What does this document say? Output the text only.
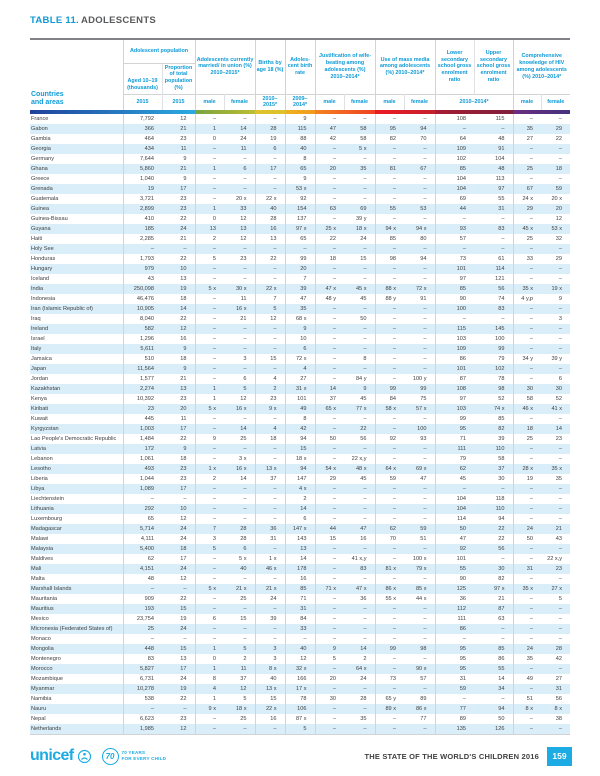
TABLE 11. ADOLESCENTS
Countries and areas	Adolescent population		Adolescents currently married/ in union (%) 2010–2015*		Births by age 18 (%)	Adoles-cent birth rate	Justification of wife-beating among adolescents (%) 2010–2014*		Use of mass media among adolescents (%) 2010–2014*		Lower secondary school gross enrolment ratio	Upper secondary school gross enrolment ratio	Comprehensive knowledge of HIV among adolescents (%) 2010–2014*	
	Aged 10–19 (thousands)	Proportion of total population (%)												
	2015	2015	male	female	2010– 2015*	2009– 2014*	male	female	male	female	2010–2014*		male	female

France	7,792	12	–	–	–	9	–	–	–	–	108	115	–	–
Gabon	366	21	1	14	28	115	47	58	95	94	–	–	35	29
Gambia	464	23	0	24	19	88	42	58	82	70	64	48	27	22
Georgia	434	11	–	11	6	40	–	5 x	–	–	109	91	–	–
Germany	7,644	9	–	–	–	8	–	–	–	–	102	104	–	–
Ghana	5,860	21	1	6	17	65	20	35	81	67	85	48	25	18
Greece	1,040	9	–	–	–	9	–	–	–	–	104	113	–	–
Grenada	19	17	–	–	–	53 x	–	–	–	–	104	97	67	59
Guatemala	3,721	23	–	20 x	22 x	92	–	–	–	–	69	55	24 x	20 x
Guinea	2,899	23	1	33	40	154	63	69	55	53	44	31	29	20
Guinea-Bissau	410	22	0	12	28	137	–	39 y	–	–	–	–	–	12
Guyana	185	24	13	13	16	97 x	25 x	18 x	94 x	94 x	93	83	45 x	53 x
Haiti	2,285	21	2	12	13	65	22	24	85	80	57	–	25	32
Holy See	–	–	–	–	–	–	–	–	–	–	–	–	–	–
Honduras	1,793	22	5	23	22	99	18	15	98	94	73	61	33	29
Hungary	979	10	–	–	–	20	–	–	–	–	101	114	–	–
Iceland	43	13	–	–	–	7	–	–	–	–	97	121	–	–
India	250,098	19	5 x	30 x	22 x	39	47 x	45 x	88 x	72 x	85	56	35 x	19 x
Indonesia	46,476	18	–	11	7	47	48 y	45	88 y	91	90	74	4 y,p	9
Iran (Islamic Republic of)	10,905	14	–	16 x	5	35	–	–	–	–	100	83	–	–
Iraq	8,040	22	–	21	12	68 x	–	50	–	–	–	–	–	3
Ireland	582	12	–	–	–	9	–	–	–	–	115	145	–	–
Israel	1,296	16	–	–	–	10	–	–	–	–	103	100	–	–
Italy	5,611	9	–	–	–	6	–	–	–	–	109	99	–	–
Jamaica	510	18	–	3	15	72 x	–	8	–	–	86	79	34 y	39 y
Japan	11,564	9	–	–	–	4	–	–	–	–	101	102	–	–
Jordan	1,577	21	–	6	4	27	–	84 y	–	100 y	87	78	–	6
Kazakhstan	2,274	13	1	5	2	31 x	14	9	99	99	108	98	30	30
Kenya	10,392	23	1	12	23	101	37	45	84	75	97	52	58	52
Kiribati	23	20	5 x	16 x	9 x	49	65 x	77 x	58 x	57 x	103	74 x	46 x	41 x
Kuwait	445	11	–	–	–	8	–	–	–	–	99	85	–	–
Kyrgyzstan	1,003	17	–	14	4	42	–	22	–	100	95	82	18	14
Lao People's Democratic Republic	1,484	22	9	25	18	94	50	56	92	93	71	39	25	23
Latvia	172	9	–	–	–	15	–	–	–	–	111	110	–	–
Lebanon	1,061	18	–	3 x	–	18 x	–	22 x,y	–	–	79	58	–	–
Lesotho	493	23	1 x	16 x	13 x	94	54 x	48 x	64 x	69 x	62	37	28 x	35 x
Liberia	1,044	23	2	14	37	147	29	45	59	47	45	30	19	35
Libya	1,089	17	–	–	–	4 x	–	–	–	–	–	–	–	–
Liechtenstein	–	–	–	–	–	2	–	–	–	–	104	118	–	–
Lithuania	292	10	–	–	–	14	–	–	–	–	104	110	–	–
Luxembourg	65	12	–	–	–	6	–	–	–	–	114	94	–	–
Madagascar	5,714	24	7	28	36	147 x	44	47	62	59	50	22	24	21
Malawi	4,111	24	3	28	31	143	15	16	70	51	47	22	50	43
Malaysia	5,400	18	5	6	–	13	–	–	–	–	92	56	–	–
Maldives	62	17	–	5 x	1 x	14	–	41 x,y	–	100 x	101	–	–	22 x,y
Mali	4,151	24	–	40	46 x	178	–	83	81 x	79 x	55	30	31	23
Malta	48	12	–	–	–	16	–	–	–	–	90	82	–	–
Marshall Islands	–	–	5 x	21 x	21 x	85	71 x	47 x	86 x	85 x	125	97 x	35 x	27 x
Mauritania	909	22	–	25	24	71	–	36	55 x	44 x	36	21	–	5
Mauritius	193	15	–	–	–	31	–	–	–	–	112	87	–	–
Mexico	23,754	19	6	15	39	84	–	–	–	–	111	63	–	–
Micronesia (Federated States of)	25	24	–	–	–	33	–	–	–	–	86	–	–	–
Monaco	–	–	–	–	–	–	–	–	–	–	–	–	–	–
Mongolia	448	15	1	5	3	40	9	14	99	98	95	85	24	28
Montenegro	83	13	0	2	3	12	5	2	–	–	95	86	35	42
Morocco	5,827	17	1	11	8 x	32 x	–	64 x	–	90 x	95	55	–	–
Mozambique	6,731	24	8	37	40	166	20	24	73	57	31	14	49	27
Myanmar	10,278	19	4	12	13 x	17 x	–	–	–	–	59	34	–	31
Namibia	538	22	1	5	15	78	30	28	65 y	89	–	–	51	56
Nauru	–	–	9 x	18 x	22 x	106	–	–	89 x	86 x	77	94	8 x	8 x
Nepal	6,623	23	–	25	16	87 x	–	35	–	77	89	50	–	38
Netherlands	1,985	12	–	–	–	5	–	–	–	–	135	126	–	–
unicef	70	70 YEARS
FOR EVERY CHILD	THE STATE OF THE WORLD'S CHILDREN 2016	159
